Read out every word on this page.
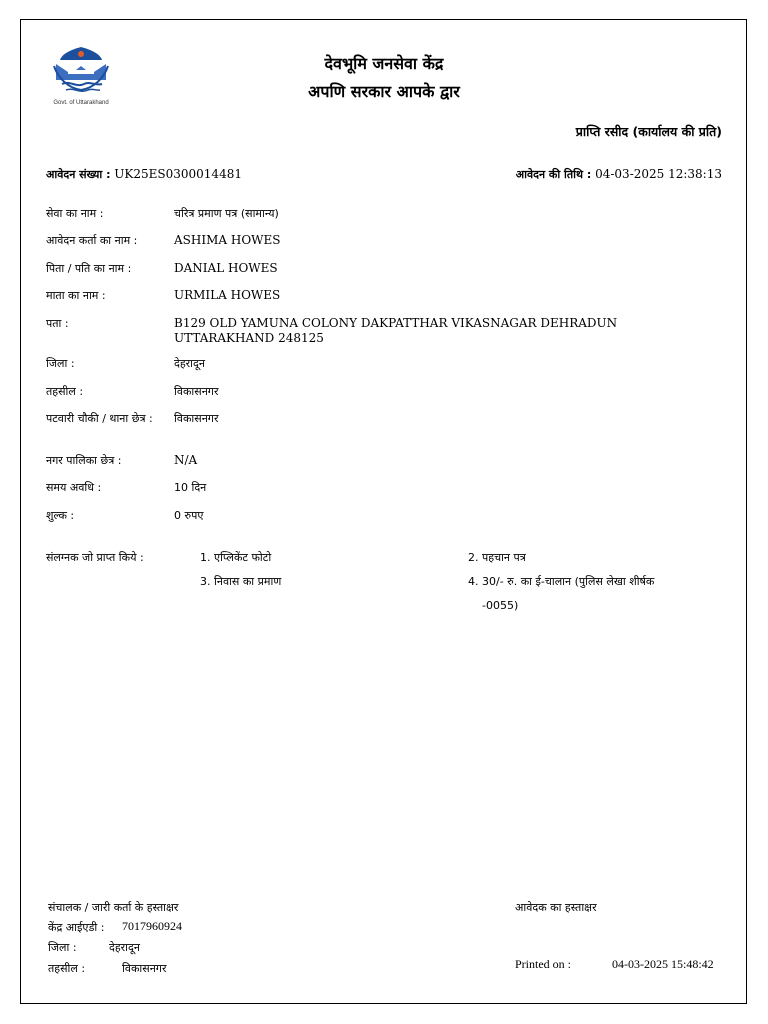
Govt. of Uttarakhand
देवभूमि जनसेवा केंद्र
अपणि सरकार आपके द्वार
प्राप्ति रसीद (कार्यालय की प्रति)
आवेदन संख्या : UK25ES0300014481	आवेदन की तिथि : 04-03-2025 12:38:13
सेवा का नाम :	चरित्र प्रमाण पत्र (सामान्य)
आवेदन कर्ता का नाम :	ASHIMA HOWES
पिता / पति का नाम :	DANIAL HOWES
माता का नाम :	URMILA HOWES
पता :	B129 OLD YAMUNA COLONY DAKPATTHAR VIKASNAGAR DEHRADUN UTTARAKHAND 248125
जिला :	देहरादून
तहसील :	विकासनगर
पटवारी चौकी / थाना छेत्र :	विकासनगर
नगर पालिका छेत्र :	N/A
समय अवधि :	10 दिन
शुल्क :	0 रुपए
संलग्नक जो प्राप्त किये :	1. एप्लिकेंट फोटो	2. पहचान पत्र
3. निवास का प्रमाण	4. 30/- रु. का ई-चालान (पुलिस लेखा शीर्षक
-0055)
संचालक / जारी कर्ता के हस्ताक्षर
केंद्र आईएडी : 7017960924
जिला :	देहरादून
तहसील :	विकासनगर
आवेदक का हस्ताक्षर
Printed on :	04-03-2025 15:48:42
